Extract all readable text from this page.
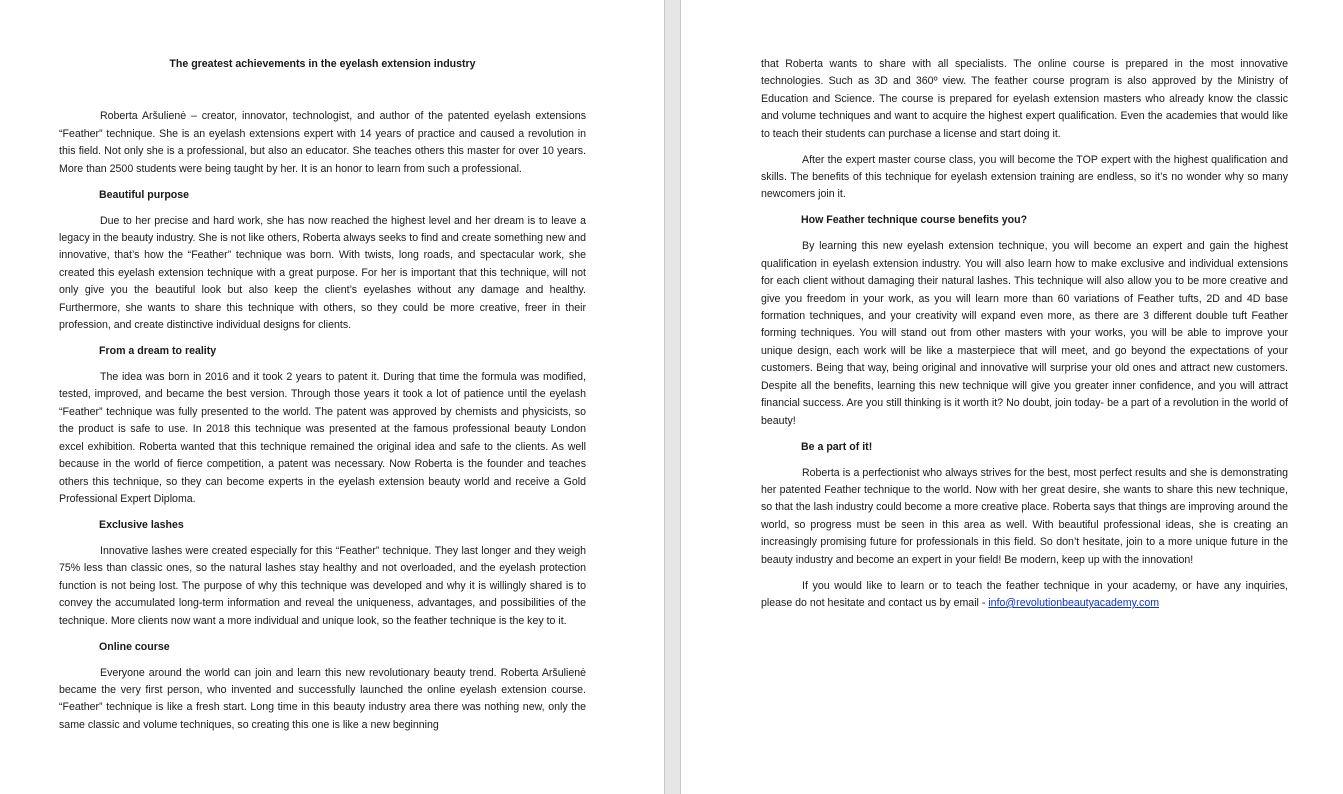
The greatest achievements in the eyelash extension industry

Roberta Aršulienė – creator, innovator, technologist, and author of the patented eyelash extensions “Feather” technique. She is an eyelash extensions expert with 14 years of practice and caused a revolution in this field. Not only she is a professional, but also an educator. She teaches others this master for over 10 years. More than 2500 students were being taught by her. It is an honor to learn from such a professional.

Beautiful purpose

Due to her precise and hard work, she has now reached the highest level and her dream is to leave a legacy in the beauty industry. She is not like others, Roberta always seeks to find and create something new and innovative, that’s how the “Feather” technique was born. With twists, long roads, and spectacular work, she created this eyelash extension technique with a great purpose. For her is important that this technique, will not only give you the beautiful look but also keep the client’s eyelashes without any damage and healthy. Furthermore, she wants to share this technique with others, so they could be more creative, freer in their profession, and create distinctive individual designs for clients.

From a dream to reality

The idea was born in 2016 and it took 2 years to patent it. During that time the formula was modified, tested, improved, and became the best version. Through those years it took a lot of patience until the eyelash “Feather” technique was fully presented to the world. The patent was approved by chemists and physicists, so the product is safe to use. In 2018 this technique was presented at the famous professional beauty London excel exhibition. Roberta wanted that this technique remained the original idea and safe to the clients. As well because in the world of fierce competition, a patent was necessary. Now Roberta is the founder and teaches others this technique, so they can become experts in the eyelash extension beauty world and receive a Gold Professional Expert Diploma.

Exclusive lashes

Innovative lashes were created especially for this “Feather” technique. They last longer and they weigh 75% less than classic ones, so the natural lashes stay healthy and not overloaded, and the eyelash protection function is not being lost. The purpose of why this technique was developed and why it is willingly shared is to convey the accumulated long-term information and reveal the uniqueness, advantages, and possibilities of the technique. More clients now want a more individual and unique look, so the feather technique is the key to it.

Online course

Everyone around the world can join and learn this new revolutionary beauty trend. Roberta Aršulienė became the very first person, who invented and successfully launched the online eyelash extension course. “Feather” technique is like a fresh start. Long time in this beauty industry area there was nothing new, only the same classic and volume techniques, so creating this one is like a new beginning

that Roberta wants to share with all specialists. The online course is prepared in the most innovative technologies. Such as 3D and 360º view. The feather course program is also approved by the Ministry of Education and Science. The course is prepared for eyelash extension masters who already know the classic and volume techniques and want to acquire the highest expert qualification. Even the academies that would like to teach their students can purchase a license and start doing it.

After the expert master course class, you will become the TOP expert with the highest qualification and skills. The benefits of this technique for eyelash extension training are endless, so it’s no wonder why so many newcomers join it.

How Feather technique course benefits you?

By learning this new eyelash extension technique, you will become an expert and gain the highest qualification in eyelash extension industry. You will also learn how to make exclusive and individual extensions for each client without damaging their natural lashes. This technique will also allow you to be more creative and give you freedom in your work, as you will learn more than 60 variations of Feather tufts, 2D and 4D base formation techniques, and your creativity will expand even more, as there are 3 different double tuft Feather forming techniques. You will stand out from other masters with your works, you will be able to improve your unique design, each work will be like a masterpiece that will meet, and go beyond the expectations of your customers. Being that way, being original and innovative will surprise your old ones and attract new customers. Despite all the benefits, learning this new technique will give you greater inner confidence, and you will attract financial success. Are you still thinking is it worth it? No doubt, join today- be a part of a revolution in the world of beauty!

Be a part of it!

Roberta is a perfectionist who always strives for the best, most perfect results and she is demonstrating her patented Feather technique to the world. Now with her great desire, she wants to share this new technique, so that the lash industry could become a more creative place. Roberta says that things are improving around the world, so progress must be seen in this area as well. With beautiful professional ideas, she is creating an increasingly promising future for professionals in this field. So don’t hesitate, join to a more unique future in the beauty industry and become an expert in your field! Be modern, keep up with the innovation!

If you would like to learn or to teach the feather technique in your academy, or have any inquiries, please do not hesitate and contact us by email - info@revolutionbeautyacademy.com
